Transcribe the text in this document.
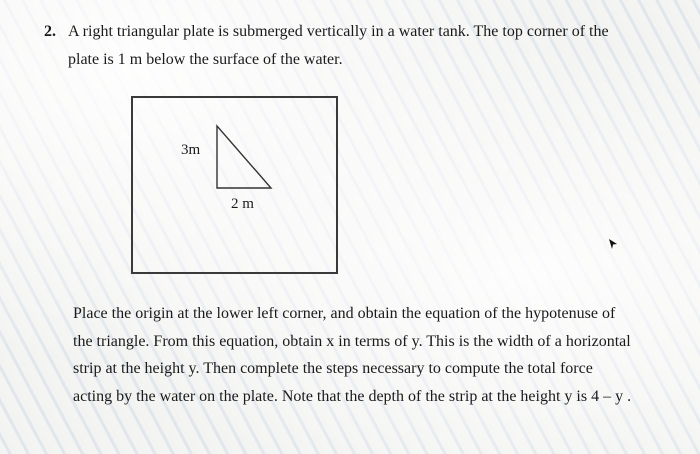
2. A right triangular plate is submerged vertically in a water tank. The top corner of the
plate is 1 m below the surface of the water.
3m
2 m

Place the origin at the lower left corner, and obtain the equation of the hypotenuse of

the triangle. From this equation, obtain x in terms of y. This is the width of a horizontal

strip at the height y. Then complete the steps necessary to compute the total force

acting by the water on the plate. Note that the depth of the strip at the height y is 4 – y .
